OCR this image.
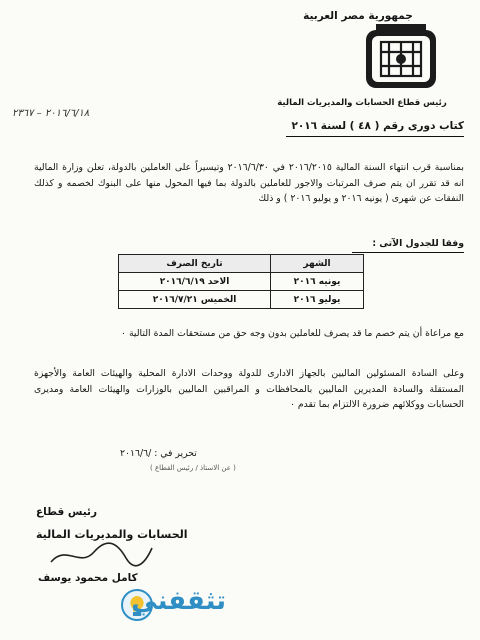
جمهورية مصر العربية
رئيس قطاع الحسابات والمديريات المالية
٢٠١٦/٦/١٨ – ٢٣٦٧
كتاب دورى رقم ( ٤٨ ) لسنة ٢٠١٦
بمناسبة قرب انتهاء السنة المالية ٢٠١٦/٢٠١٥ في ٢٠١٦/٦/٣٠ وتيسيراً على العاملين بالدولة، تعلن وزارة المالية انه قد تقرر ان يتم صرف المرتبات والاجور للعاملين بالدولة بما فيها المحول منها على البنوك لخصمه و كذلك النفقات عن شهرى ( يونيه ٢٠١٦ و يوليو ٢٠١٦ ) و ذلك
وفقا للجدول الآتى :
الشهر	تاريخ الصرف
يونيه ٢٠١٦	الاحد ٢٠١٦/٦/١٩
يوليو ٢٠١٦	الخميس ٢٠١٦/٧/٢١
مع مراعاة أن يتم خصم ما قد يصرف للعاملين بدون وجه حق من مستحقات المدة التالية ٠
وعلى السادة المسئولين الماليين بالجهاز الادارى للدولة ووحدات الادارة المحلية والهيئات العامة والأجهزة المستقلة والسادة المديرين الماليين بالمحافظات و المراقبين الماليين بالوزارات والهيئات العامة ومديرى الحسابات ووكلائهم ضرورة الالتزام بما تقدم ٠
تحرير في : /٢٠١٦/٦
( عن الاستاذ / رئيس القطاع )
رئيس قطاع
الحسابات والمديريات المالية
كامل محمود يوسف
تثقفني
